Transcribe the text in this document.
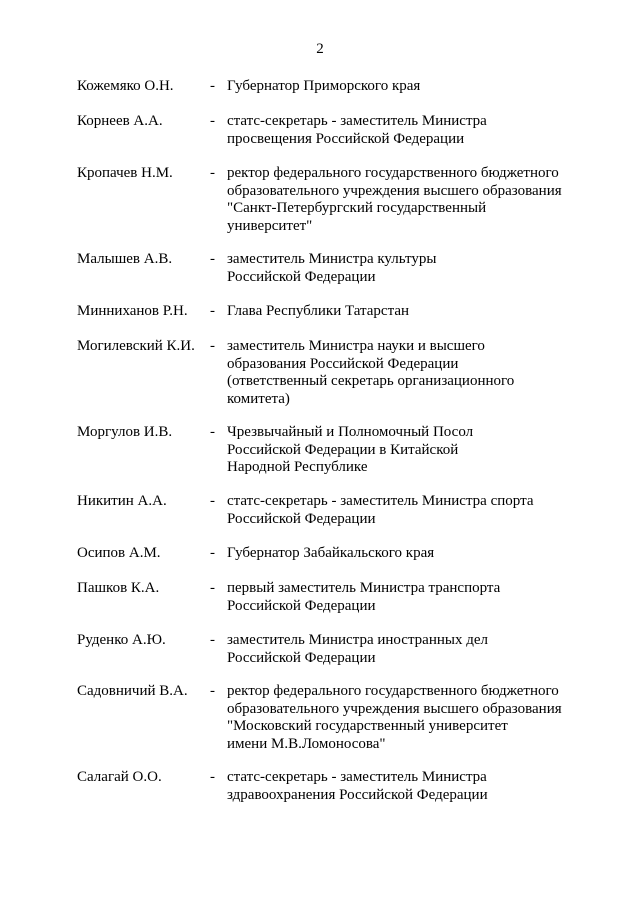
2
Кожемяко О.Н. - Губернатор Приморского края
Корнеев А.А.	- статс-секретарь - заместитель Министра
просвещения Российской Федерации
Кропачев Н.М. - ректор федерального государственного бюджетного
образовательного учреждения высшего образования
"Санкт-Петербургский государственный
университет"
Малышев А.В.	- заместитель Министра культуры
Российской Федерации
Минниханов Р.Н. - Глава Республики Татарстан
Могилевский К.И. - заместитель Министра науки и высшего
образования Российской Федерации
(ответственный секретарь организационного
комитета)
Моргулов И.В.	- Чрезвычайный и Полномочный Посол
Российской Федерации в Китайской
Народной Республике
Никитин А.А.	- статс-секретарь - заместитель Министра спорта
Российской Федерации
Осипов А.М.	- Губернатор Забайкальского края
Пашков К.А.	- первый заместитель Министра транспорта
Российской Федерации
Руденко А.Ю.	- заместитель Министра иностранных дел
Российской Федерации
Садовничий В.А. - ректор федерального государственного бюджетного
образовательного учреждения высшего образования
"Московский государственный университет
имени М.В.Ломоносова"
Салагай О.О.	- статс-секретарь - заместитель Министра
здравоохранения Российской Федерации
